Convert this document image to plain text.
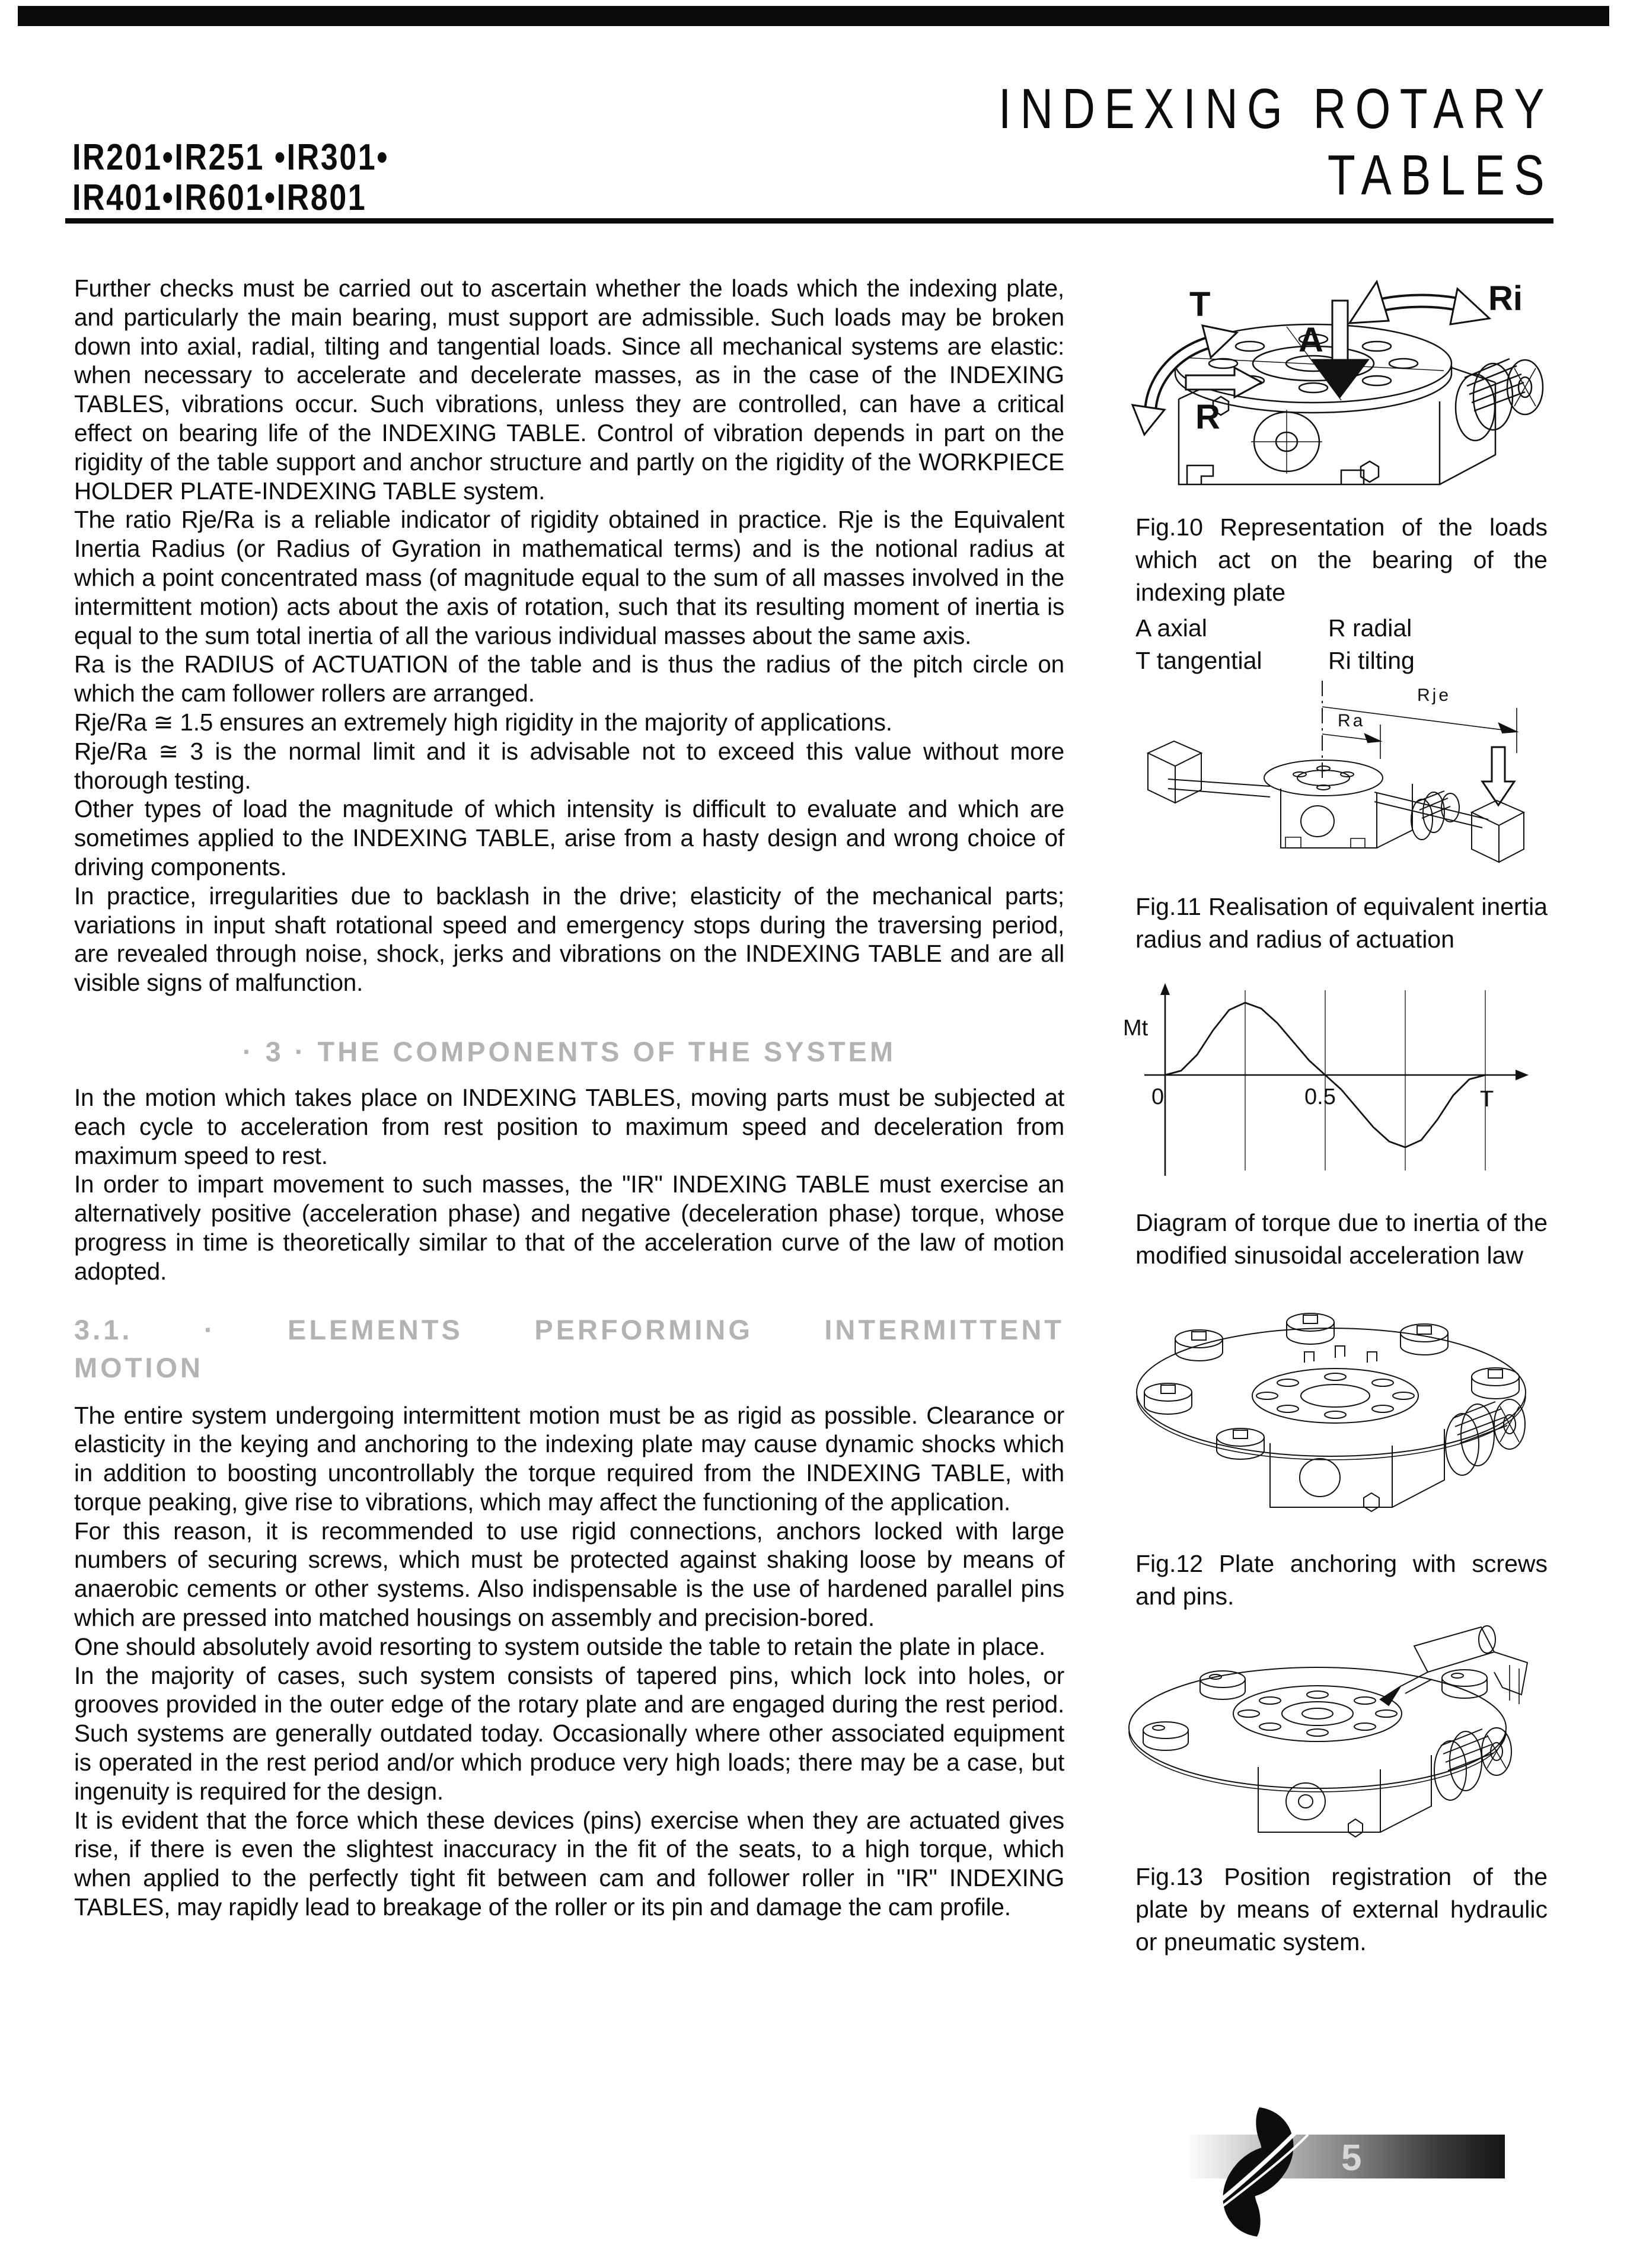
IR201•IR251 •IR301•
IR401•IR601•IR801
INDEXING ROTARY
TABLES

Further checks must be carried out to ascertain whether the loads which the indexing plate, and particularly the main bearing, must support are admissible. Such loads may be broken down into axial, radial, tilting and tangential loads. Since all mechanical systems are elastic: when necessary to accelerate and decelerate masses, as in the case of the INDEXING TABLES, vibrations occur. Such vibrations, unless they are controlled, can have a critical effect on bearing life of the INDEXING TABLE. Control of vibration depends in part on the rigidity of the table support and anchor structure and partly on the rigidity of the WORKPIECE HOLDER PLATE-INDEXING TABLE system.

The ratio Rje/Ra is a reliable indicator of rigidity obtained in practice. Rje is the Equivalent Inertia Radius (or Radius of Gyration in mathematical terms) and is the notional radius at which a point concentrated mass (of magnitude equal to the sum of all masses involved in the intermittent motion) acts about the axis of rotation, such that its resulting moment of inertia is equal to the sum total inertia of all the various individual masses about the same axis.

Ra is the RADIUS of ACTUATION of the table and is thus the radius of the pitch circle on which the cam follower rollers are arranged.

Rje/Ra ≅ 1.5 ensures an extremely high rigidity in the majority of applications.

Rje/Ra ≅ 3 is the normal limit and it is advisable not to exceed this value without more thorough testing.

Other types of load the magnitude of which intensity is difficult to evaluate and which are sometimes applied to the INDEXING TABLE, arise from a hasty design and wrong choice of driving components.

In practice, irregularities due to backlash in the drive; elasticity of the mechanical parts; variations in input shaft rotational speed and emergency stops during the traversing period, are revealed through noise, shock, jerks and vibrations on the INDEXING TABLE and are all visible signs of malfunction.

· 3 · THE COMPONENTS OF THE SYSTEM

In the motion which takes place on INDEXING TABLES, moving parts must be subjected at each cycle to acceleration from rest position to maximum speed and deceleration from maximum speed to rest.

In order to impart movement to such masses, the "IR" INDEXING TABLE must exercise an alternatively positive (acceleration phase) and negative (deceleration phase) torque, whose progress in time is theoretically similar to that of the acceleration curve of the law of motion adopted.

3.1. · ELEMENTS PERFORMING INTERMITTENT
MOTION

The entire system undergoing intermittent motion must be as rigid as possible. Clearance or elasticity in the keying and anchoring to the indexing plate may cause dynamic shocks which in addition to boosting uncontrollably the torque required from the INDEXING TABLE, with torque peaking, give rise to vibrations, which may affect the functioning of the application.

For this reason, it is recommended to use rigid connections, anchors locked with large numbers of securing screws, which must be protected against shaking loose by means of anaerobic cements or other systems. Also indispensable is the use of hardened parallel pins which are pressed into matched housings on assembly and precision-bored.

One should absolutely avoid resorting to system outside the table to retain the plate in place.

In the majority of cases, such system consists of tapered pins, which lock into holes, or grooves provided in the outer edge of the rotary plate and are engaged during the rest period. Such systems are generally outdated today. Occasionally where other associated equipment is operated in the rest period and/or which produce very high loads; there may be a case, but ingenuity is required for the design.

It is evident that the force which these devices (pins) exercise when they are actuated gives rise, if there is even the slightest inaccuracy in the fit of the seats, to a high torque, which when applied to the perfectly tight fit between cam and follower roller in "IR" INDEXING TABLES, may rapidly lead to breakage of the roller or its pin and damage the cam profile.

A
T
R
Ri

Fig.10 Representation of the loads which act on the bearing of the indexing plate

A axial	R radial
T tangential	Ri tilting
Rje
Ra

Fig.11 Realisation of equivalent inertia radius and radius of actuation

Mt
0	0.5	T

Diagram of torque due to inertia of the modified sinusoidal acceleration law

Fig.12 Plate anchoring with screws and pins.

Fig.13 Position registration of the plate by means of external hydraulic or pneumatic system.

5
